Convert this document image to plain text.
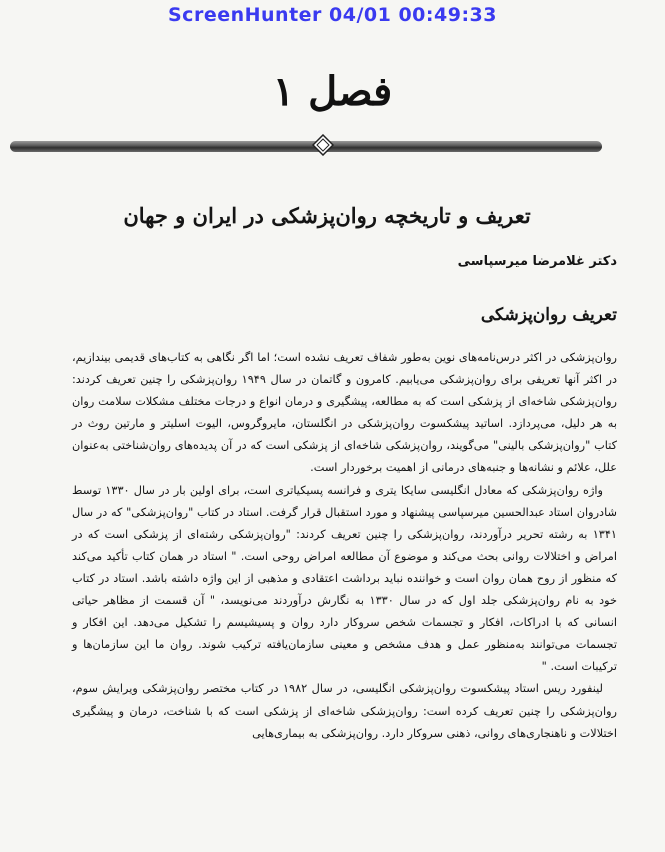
ScreenHunter 04/01 00:49:33
فصل ۱
تعریف و تاریخچه روان‌پزشکی در ایران و جهان
دکتر غلامرضا میرسپاسی
تعریف روان‌پزشکی

روان‌پزشکی در اکثر درس‌نامه‌های نوین به‌طور شفاف تعریف نشده است؛ اما اگر نگاهی به کتاب‌های قدیمی بیندازیم، در اکثر آنها تعریفی برای روان‌پزشکی می‌یابیم. کامرون و گاتمان در سال ۱۹۴۹ روان‌پزشکی را چنین تعریف کردند: روان‌پزشکی شاخه‌ای از پزشکی است که به مطالعه، پیشگیری و درمان انواع و درجات مختلف مشکلات سلامت روان به هر دلیل، می‌پردازد. اساتید پیشکسوت روان‌پزشکی در انگلستان، مایروگروس، الیوت اسلیتر و مارتین روث در کتاب "روان‌پزشکی بالینی" می‌گویند، روان‌پزشکی شاخه‌ای از پزشکی است که در آن پدیده‌های روان‌شناختی به‌عنوان علل، علائم و نشانه‌ها و جنبه‌های درمانی از اهمیت برخوردار است.

واژه روان‌پزشکی که معادل انگلیسی سایکا یتری و فرانسه پسیکیاتری است، برای اولین بار در سال ۱۳۳۰ توسط شادروان استاد عبدالحسین میرسپاسی پیشنهاد و مورد استقبال قرار گرفت. استاد در کتاب "روان‌پزشکی" که در سال ۱۳۴۱ به رشته تحریر درآوردند، روان‌پزشکی را چنین تعریف کردند: "روان‌پزشکی رشته‌ای از پزشکی است که در امراض و اختلالات روانی بحث می‌کند و موضوع آن مطالعه امراض روحی است. " استاد در همان کتاب تأکید می‌کند که منظور از روح همان روان است و خواننده نباید برداشت اعتقادی و مذهبی از این واژه داشته باشد. استاد در کتاب خود به نام روان‌پزشکی جلد اول که در سال ۱۳۳۰ به نگارش درآوردند می‌نویسد، " آن قسمت از مظاهر حیاتی انسانی که با ادراکات، افکار و تجسمات شخص سروکار دارد روان و پسیشیسم را تشکیل می‌دهد. این افکار و تجسمات می‌توانند به‌منظور عمل و هدف مشخص و معینی سازمان‌یافته ترکیب شوند. روان ما این سازمان‌ها و ترکیبات است. "

لینفورد ریس استاد پیشکسوت روان‌پزشکی انگلیسی، در سال ۱۹۸۲ در کتاب مختصر روان‌پزشکی ویرایش سوم، روان‌پزشکی را چنین تعریف کرده است: روان‌پزشکی شاخه‌ای از پزشکی است که با شناخت، درمان و پیشگیری اختلالات و ناهنجاری‌های روانی، ذهنی سروکار دارد. روان‌پزشکی به بیماری‌هایی
